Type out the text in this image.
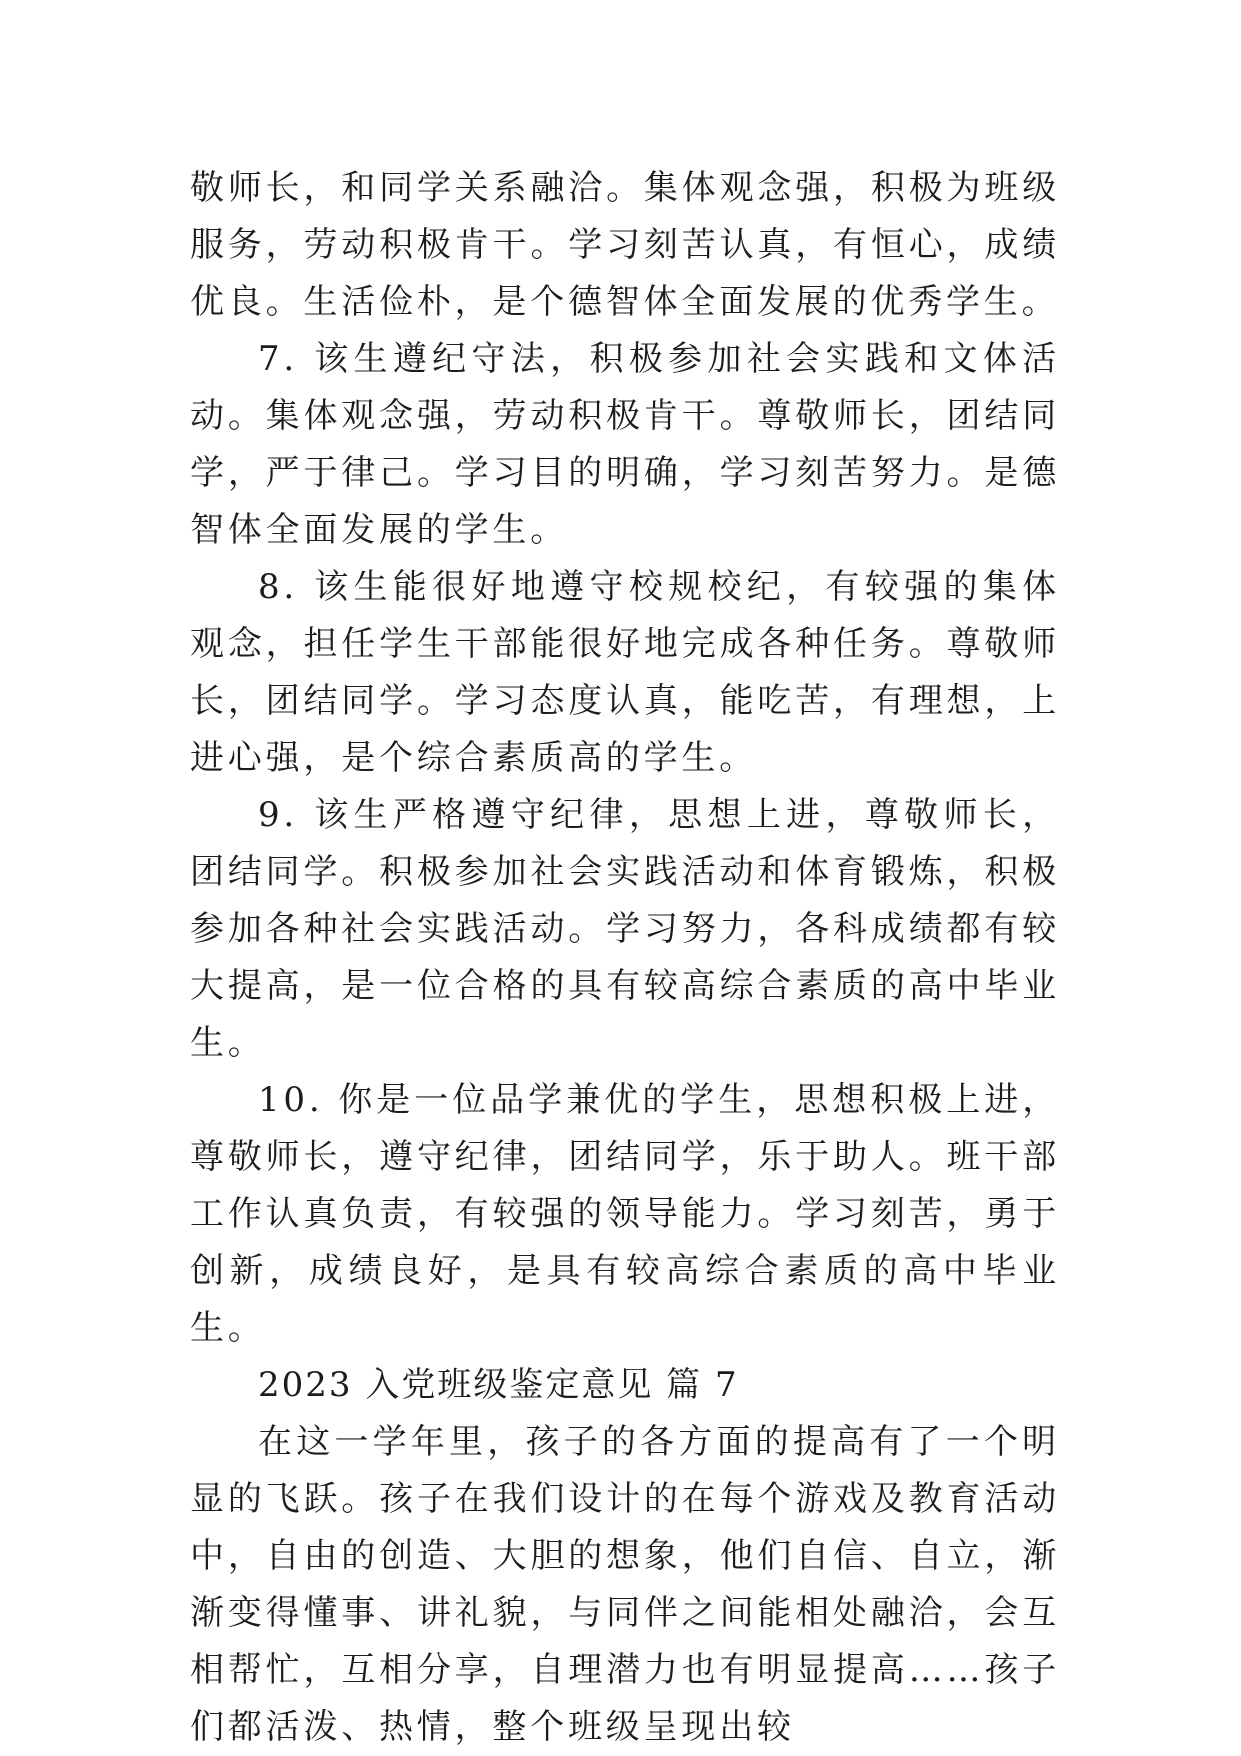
敬师长，和同学关系融洽。集体观念强，积极为班级服务，劳动积极肯干。学习刻苦认真，有恒心，成绩优良。生活俭朴，是个德智体全面发展的优秀学生。

7. 该生遵纪守法，积极参加社会实践和文体活动。集体观念强，劳动积极肯干。尊敬师长，团结同学，严于律己。学习目的明确，学习刻苦努力。是德智体全面发展的学生。

8. 该生能很好地遵守校规校纪，有较强的集体观念，担任学生干部能很好地完成各种任务。尊敬师长，团结同学。学习态度认真，能吃苦，有理想，上进心强，是个综合素质高的学生。

9. 该生严格遵守纪律，思想上进，尊敬师长，团结同学。积极参加社会实践活动和体育锻炼，积极参加各种社会实践活动。学习努力，各科成绩都有较大提高，是一位合格的具有较高综合素质的高中毕业生。

10. 你是一位品学兼优的学生，思想积极上进，尊敬师长，遵守纪律，团结同学，乐于助人。班干部工作认真负责，有较强的领导能力。学习刻苦，勇于创新，成绩良好，是具有较高综合素质的高中毕业生。

2023 入党班级鉴定意见 篇 7

在这一学年里，孩子的各方面的提高有了一个明显的飞跃。孩子在我们设计的在每个游戏及教育活动中，自由的创造、大胆的想象，他们自信、自立，渐渐变得懂事、讲礼貌，与同伴之间能相处融洽，会互相帮忙，互相分享，自理潜力也有明显提高……孩子们都活泼、热情，整个班级呈现出较
